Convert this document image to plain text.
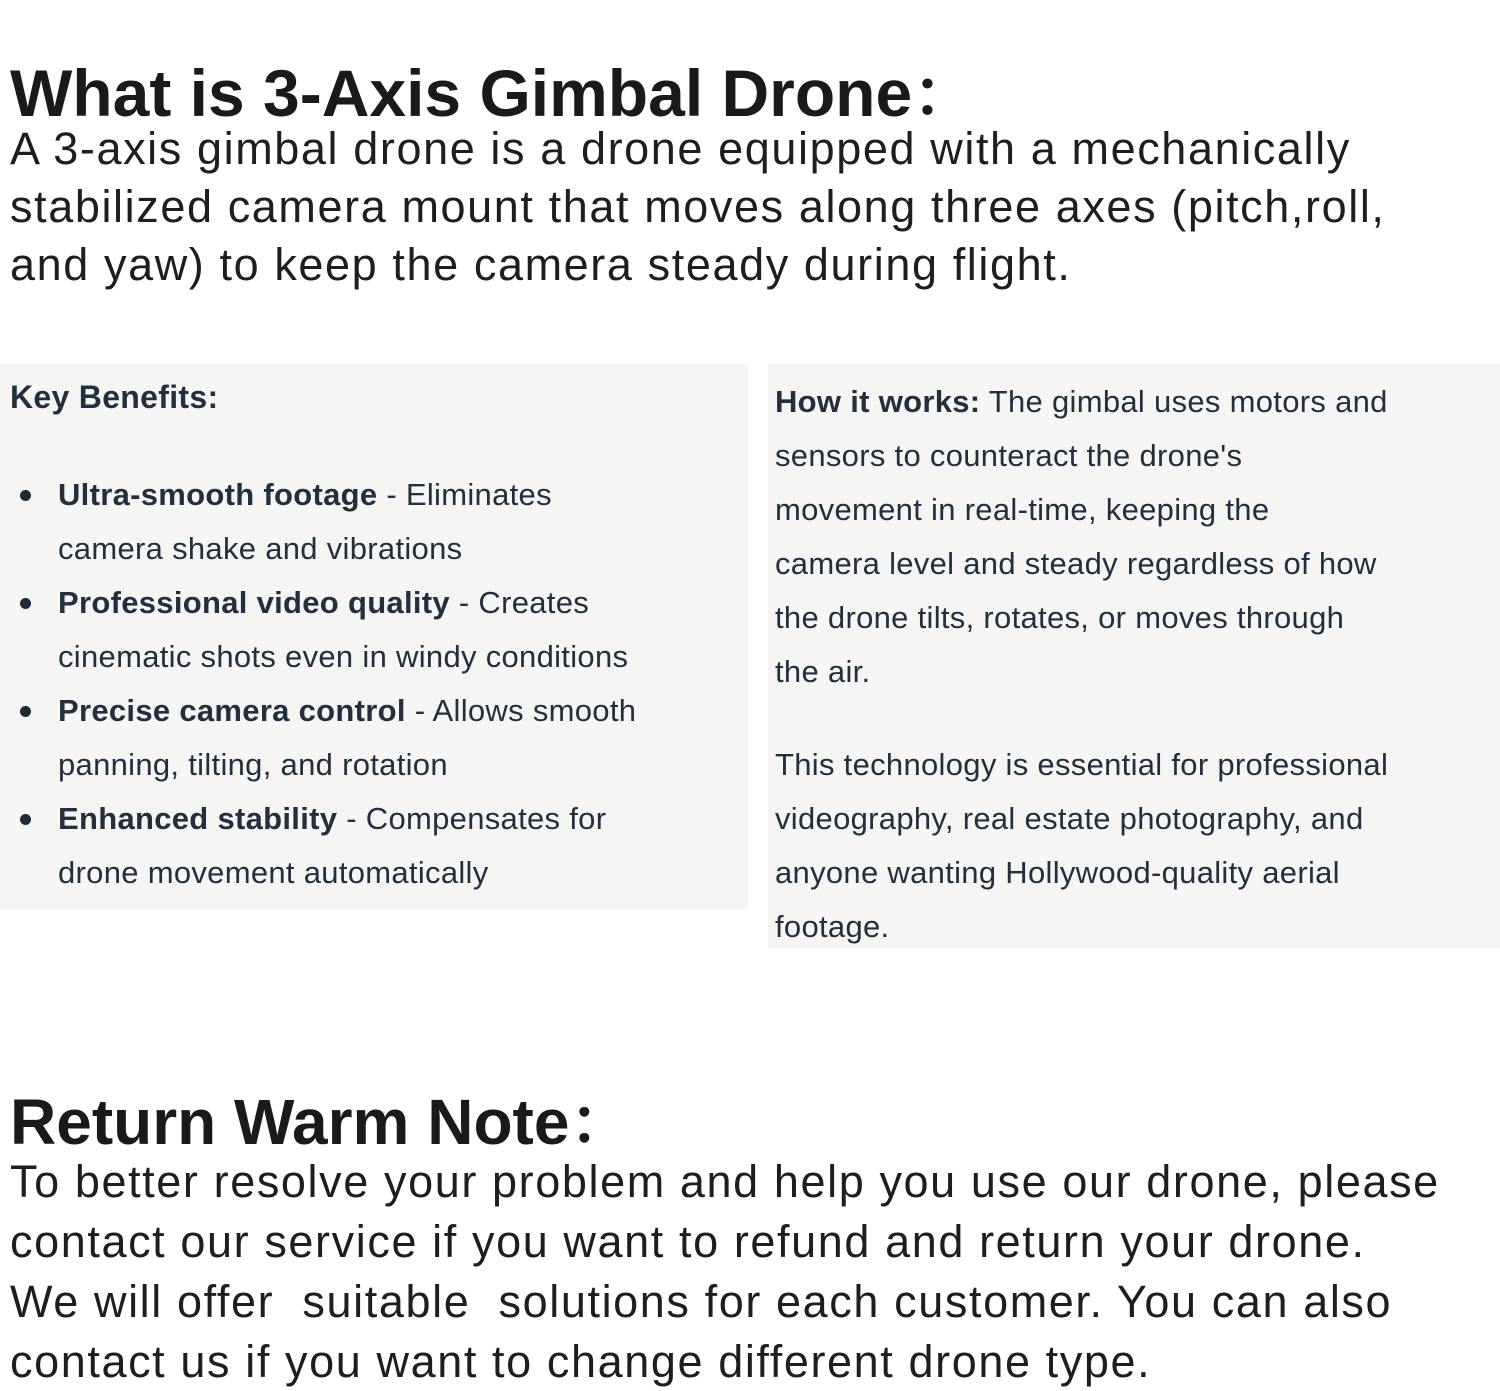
What is 3-Axis Gimbal Drone：
A 3-axis gimbal drone is a drone equipped with a mechanically
stabilized camera mount that moves along three axes (pitch,roll,
and yaw) to keep the camera steady during flight.
Key Benefits:
Ultra-smooth footage - Eliminates
camera shake and vibrations
Professional video quality - Creates
cinematic shots even in windy conditions
Precise camera control - Allows smooth
panning, tilting, and rotation
Enhanced stability - Compensates for
drone movement automatically
How it works: The gimbal uses motors and
sensors to counteract the drone's
movement in real-time, keeping the
camera level and steady regardless of how
the drone tilts, rotates, or moves through
the air.
This technology is essential for professional
videography, real estate photography, and
anyone wanting Hollywood-quality aerial
footage.
Return Warm Note：
To better resolve your problem and help you use our drone, please
contact our service if you want to refund and return your drone.
We will offer  suitable  solutions for each customer. You can also
contact us if you want to change different drone type.
